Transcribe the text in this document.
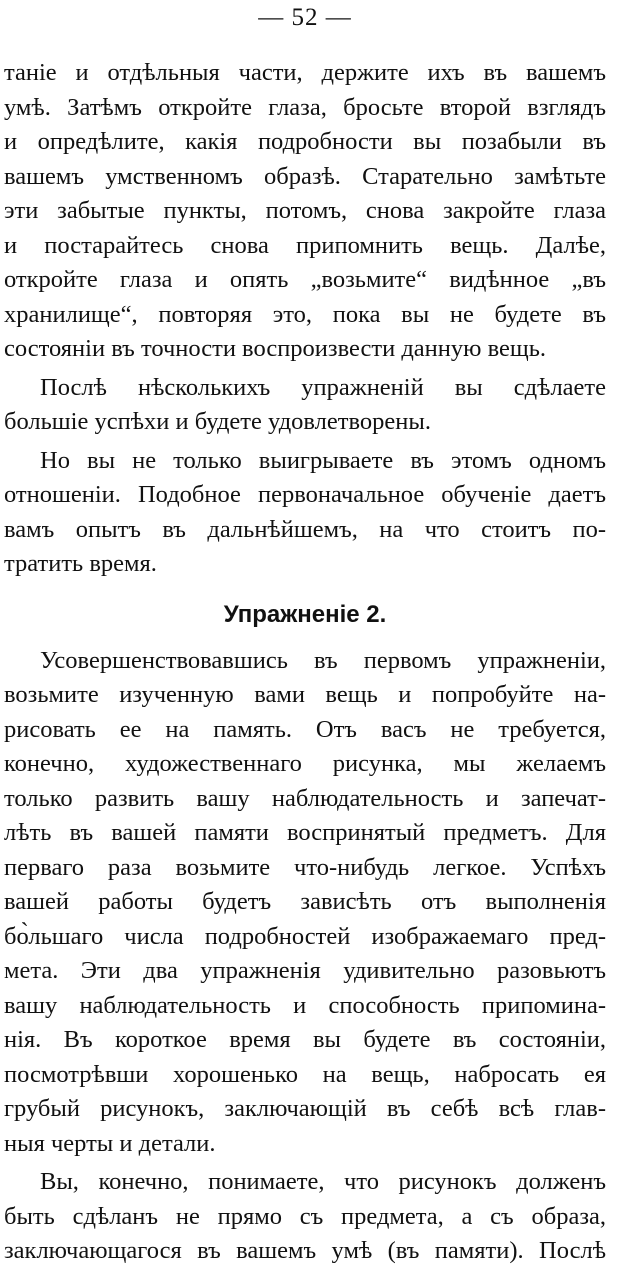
— 52 —
таніе и отдѣльныя части, держите ихъ въ вашемъ
умѣ. Затѣмъ откройте глаза, бросьте второй взглядъ
и опредѣлите, какія подробности вы позабыли въ
вашемъ умственномъ образѣ. Старательно замѣтьте
эти забытые пункты, потомъ, снова закройте глаза
и постарайтесь снова припомнить вещь. Далѣе,
откройте глаза и опять „возьмите“ видѣнное „въ
хранилище“, повторяя это, пока вы не будете въ
состояніи въ точности воспроизвести данную вещь.
Послѣ нѣсколькихъ упражненій вы сдѣлаете
большіе успѣхи и будете удовлетворены.
Но вы не только выигрываете въ этомъ одномъ
отношеніи. Подобное первоначальное обученіе даетъ
вамъ опытъ въ дальнѣйшемъ, на что стоитъ по-
тратить время.
Упражненіе 2.
Усовершенствовавшись въ первомъ упражненіи,
возьмите изученную вами вещь и попробуйте на-
рисовать ее на память. Отъ васъ не требуется,
конечно, художественнаго рисунка, мы желаемъ
только развить вашу наблюдательность и запечат-
лѣть въ вашей памяти воспринятый предметъ. Для
перваго раза возьмите что-нибудь легкое. Успѣхъ
вашей работы будетъ зависѣть отъ выполненія
бо̀льшаго числа подробностей изображаемаго пред-
мета. Эти два упражненія удивительно разовьютъ
вашу наблюдательность и способность припомина-
нія. Въ короткое время вы будете въ состояніи,
посмотрѣвши хорошенько на вещь, набросать ея
грубый рисунокъ, заключающій въ себѣ всѣ глав-
ныя черты и детали.
Вы, конечно, понимаете, что рисунокъ долженъ
быть сдѣланъ не прямо съ предмета, а съ образа,
заключающагося въ вашемъ умѣ (въ памяти). Послѣ
